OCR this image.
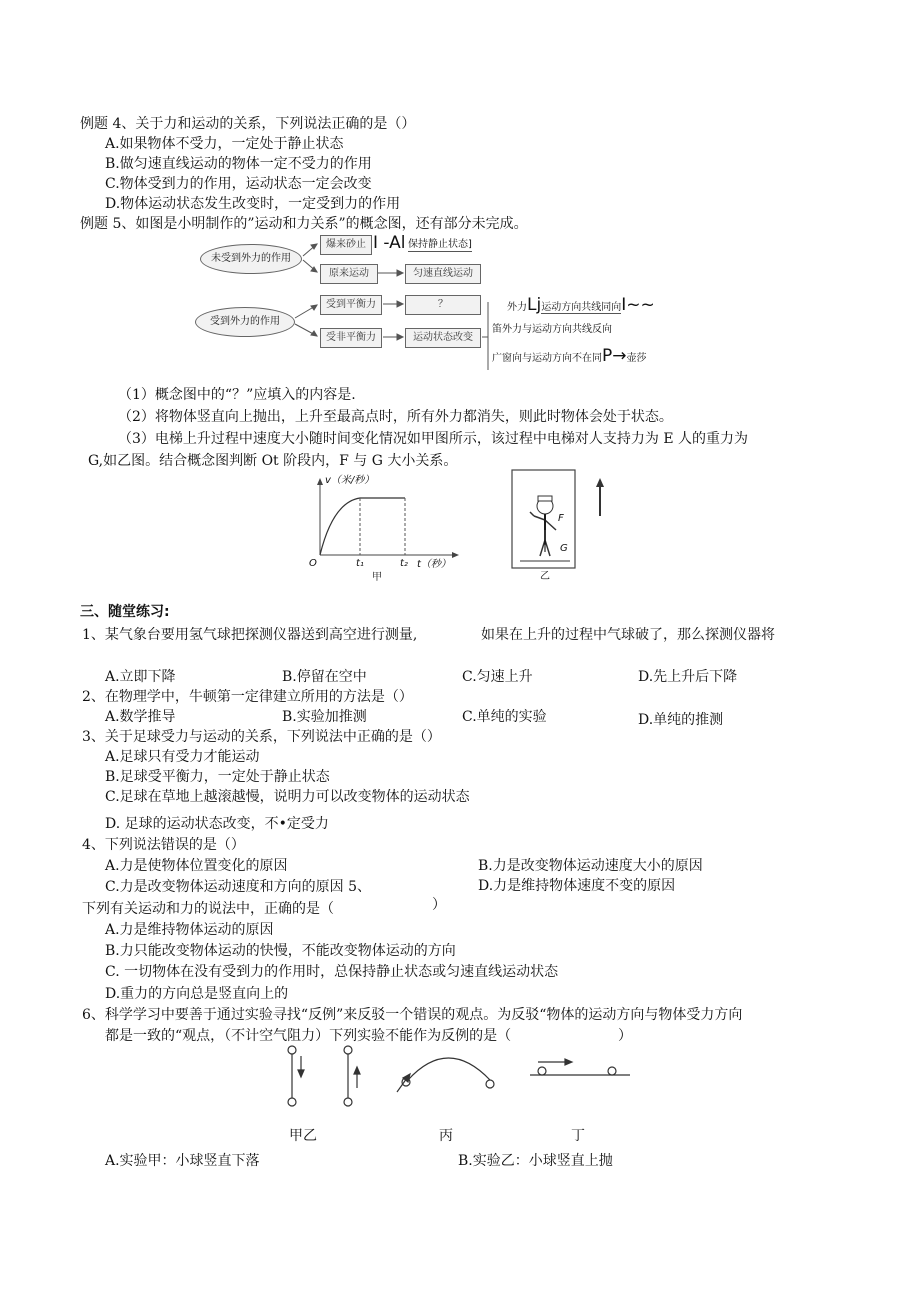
例题 4、关于力和运动的关系，下列说法正确的是（）
A.如果物体不受力，一定处于静止状态
B.做匀速直线运动的物体一定不受力的作用
C.物体受到力的作用，运动状态一定会改变
D.物体运动状态发生改变时，一定受到力的作用
例题 5、如图是小明制作的”运动和力关系”的概念图，还有部分未完成。
未受到外力的作用
爆来砂止 I -Al 保持静止状态]
原来运动	匀速直线运动
受到外力的作用
受到平衡力	？
受非平衡力	运动状态改变
外力Lj运动方向共线同向I~~
笛外力与运动方向共线反向
广窗向与运动方向不在同P→壶莎
（1）概念图中的“？”应填入的内容是.
（2）将物体竖直向上抛出，上升至最高点时，所有外力都消失，则此时物体会处于状态。
（3）电梯上升过程中速度大小随时间变化情况如甲图所示，该过程中电梯对人支持力为 E 人的重力为
G,如乙图。结合概念图判断 Ot 阶段内，F 与 G 大小关系。
v（米/秒）
t（秒）
O	t₁	t₂
甲
F
G
乙
三、随堂练习:
1、某气象台要用氢气球把探测仪器送到高空进行测量,	如果在上升的过程中气球破了，那么探测仪器将
A.立即下降	B.停留在空中	C.匀速上升	D.先上升后下降
2、在物理学中，牛顿第一定律建立所用的方法是（）
A.数学推导	B.实验加推测	C.单纯的实验	D.单纯的推测
3、关于足球受力与运动的关系，下列说法中正确的是（）
A.足球只有受力才能运动
B.足球受平衡力，一定处于静止状态
C.足球在草地上越滚越慢，说明力可以改变物体的运动状态
D. 足球的运动状态改变，不•定受力
4、下列说法错误的是（）
A.力是使物体位置变化的原因	B.力是改变物体运动速度大小的原因
C.力是改变物体运动速度和方向的原因 5、	D.力是维持物体速度不变的原因
下列有关运动和力的说法中，正确的是（	）
A.力是维持物体运动的原因
B.力只能改变物体运动的快慢，不能改变物体运动的方向
C. 一切物体在没有受到力的作用时，总保持静止状态或匀速直线运动状态
D.重力的方向总是竖直向上的
6、科学学习中要善于通过实验寻找“反例”来反驳一个错误的观点。为反驳“物体的运动方向与物体受力方向
都是一致的“观点，（不计空气阻力）下列实验不能作为反例的是（	）
甲乙	丙	丁
A.实验甲：小球竖直下落	B.实验乙：小球竖直上抛
